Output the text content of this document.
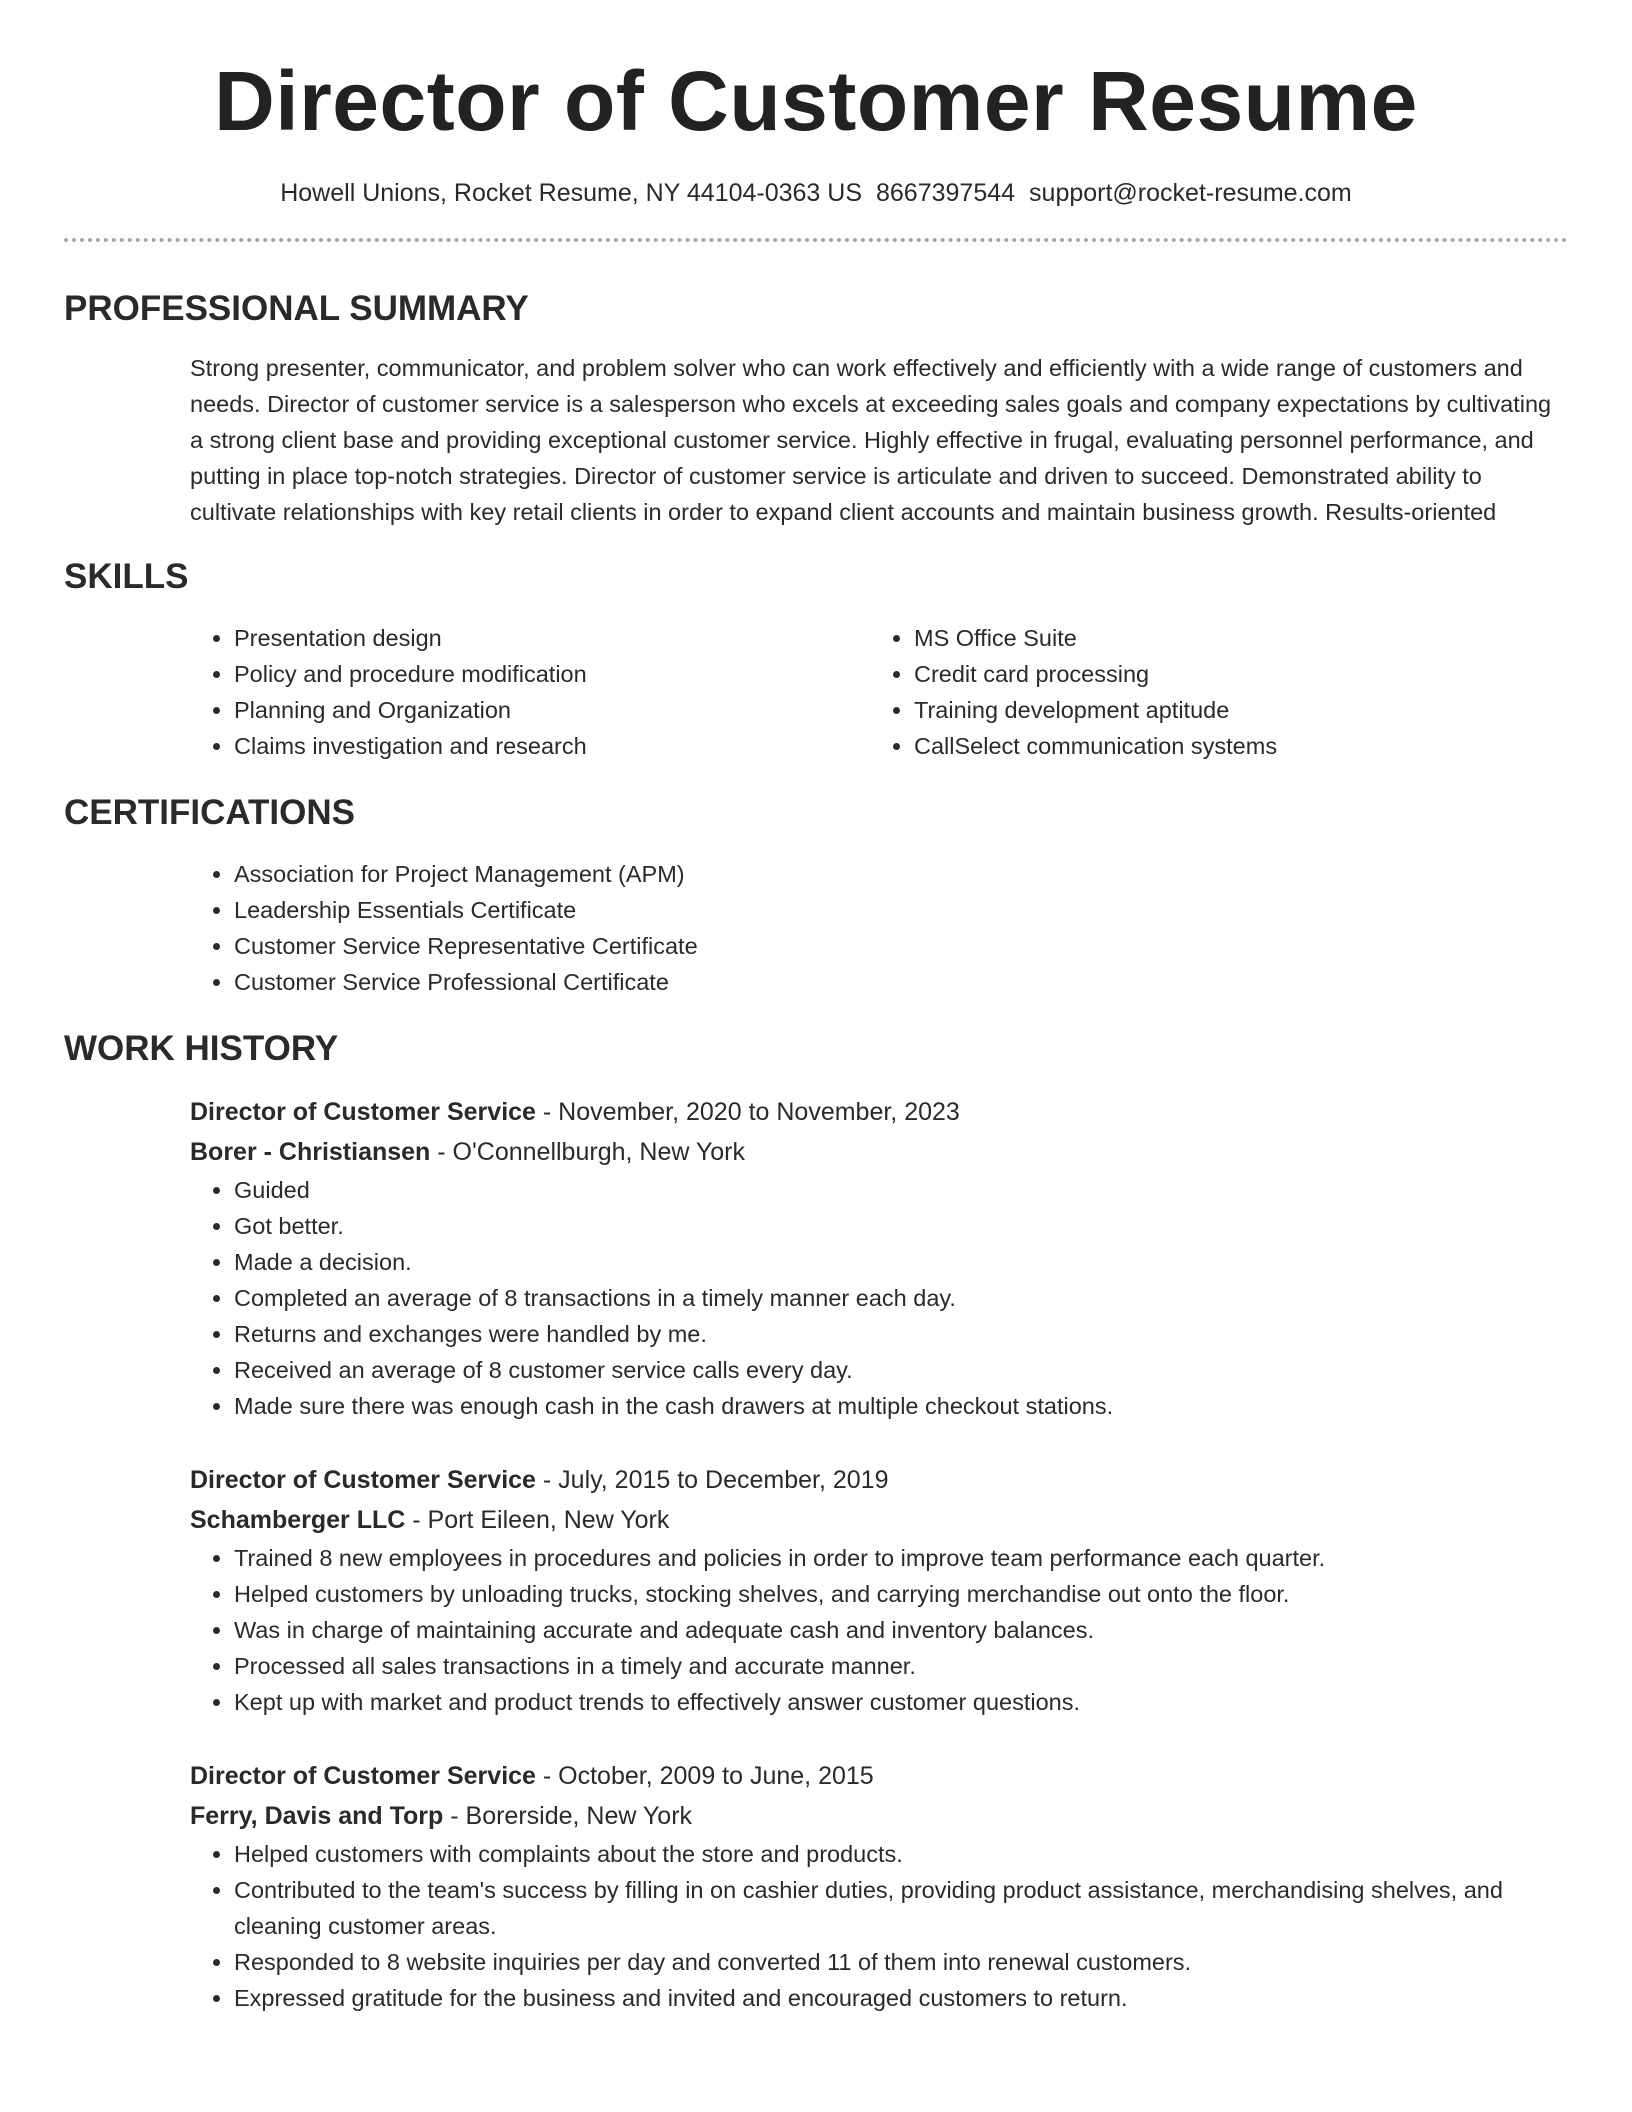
Director of Customer Resume
Howell Unions, Rocket Resume, NY 44104-0363 US 8667397544 support@rocket-resume.com
PROFESSIONAL SUMMARY

Strong presenter, communicator, and problem solver who can work effectively and efficiently with a wide range of customers and needs. Director of customer service is a salesperson who excels at exceeding sales goals and company expectations by cultivating a strong client base and providing exceptional customer service. Highly effective in frugal, evaluating personnel performance, and putting in place top-notch strategies. Director of customer service is articulate and driven to succeed. Demonstrated ability to cultivate relationships with key retail clients in order to expand client accounts and maintain business growth. Results-oriented

SKILLS
• Presentation design
• Policy and procedure modification
• Planning and Organization
• Claims investigation and research
• MS Office Suite
• Credit card processing
• Training development aptitude
• CallSelect communication systems
CERTIFICATIONS
• Association for Project Management (APM)
• Leadership Essentials Certificate
• Customer Service Representative Certificate
• Customer Service Professional Certificate
WORK HISTORY
Director of Customer Service - November, 2020 to November, 2023
Borer - Christiansen - O'Connellburgh, New York
• Guided
• Got better.
• Made a decision.
• Completed an average of 8 transactions in a timely manner each day.
• Returns and exchanges were handled by me.
• Received an average of 8 customer service calls every day.
• Made sure there was enough cash in the cash drawers at multiple checkout stations.
Director of Customer Service - July, 2015 to December, 2019
Schamberger LLC - Port Eileen, New York
• Trained 8 new employees in procedures and policies in order to improve team performance each quarter.
• Helped customers by unloading trucks, stocking shelves, and carrying merchandise out onto the floor.
• Was in charge of maintaining accurate and adequate cash and inventory balances.
• Processed all sales transactions in a timely and accurate manner.
• Kept up with market and product trends to effectively answer customer questions.
Director of Customer Service - October, 2009 to June, 2015
Ferry, Davis and Torp - Borerside, New York
• Helped customers with complaints about the store and products.
• Contributed to the team's success by filling in on cashier duties, providing product assistance, merchandising shelves, and cleaning customer areas.
• Responded to 8 website inquiries per day and converted 11 of them into renewal customers.
• Expressed gratitude for the business and invited and encouraged customers to return.
